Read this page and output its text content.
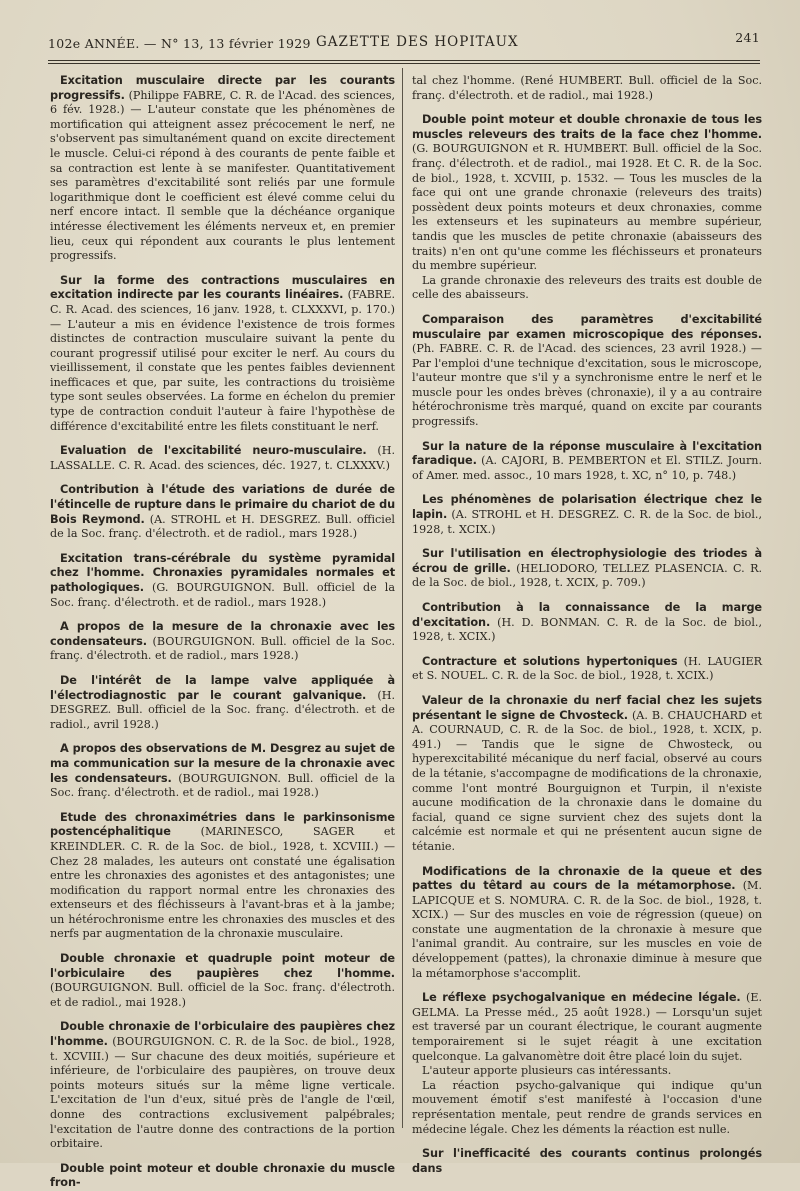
102e ANNÉE. — N° 13, 13 février 1929 GAZETTE DES HOPITAUX	241

Excitation musculaire directe par les courants progressifs. (Philippe FABRE, C. R. de l'Acad. des sciences, 6 fév. 1928.) — L'auteur constate que les phénomènes de mortification qui atteignent assez précocement le nerf, ne s'observent pas simultanément quand on excite directement le muscle. Celui-ci répond à des courants de pente faible et sa contraction est lente à se manifester. Quantitativement ses paramètres d'excitabilité sont reliés par une formule logarithmique dont le coefficient est élevé comme celui du nerf encore intact. Il semble que la déchéance organique intéresse électivement les éléments nerveux et, en premier lieu, ceux qui répondent aux courants le plus lentement progressifs.

Sur la forme des contractions musculaires en excitation indirecte par les courants linéaires. (FABRE. C. R. Acad. des sciences, 16 janv. 1928, t. CLXXXVI, p. 170.) — L'auteur a mis en évidence l'existence de trois formes distinctes de contraction musculaire suivant la pente du courant progressif utilisé pour exciter le nerf. Au cours du vieillissement, il constate que les pentes faibles deviennent inefficaces et que, par suite, les contractions du troisième type sont seules observées. La forme en échelon du premier type de contraction conduit l'auteur à faire l'hypothèse de différence d'excitabilité entre les filets constituant le nerf.

Evaluation de l'excitabilité neuro-musculaire. (H. LASSALLE. C. R. Acad. des sciences, déc. 1927, t. CLXXXV.)

Contribution à l'étude des variations de durée de l'étincelle de rupture dans le primaire du chariot de du Bois Reymond. (A. STROHL et H. DESGREZ. Bull. officiel de la Soc. franç. d'électroth. et de radiol., mars 1928.)

Excitation trans-cérébrale du système pyramidal chez l'homme. Chronaxies pyramidales normales et pathologiques. (G. BOURGUIGNON. Bull. officiel de la Soc. franç. d'électroth. et de radiol., mars 1928.)

A propos de la mesure de la chronaxie avec les condensateurs. (BOURGUIGNON. Bull. officiel de la Soc. franç. d'électroth. et de radiol., mars 1928.)

De l'intérêt de la lampe valve appliquée à l'électrodiagnostic par le courant galvanique. (H. DESGREZ. Bull. officiel de la Soc. franç. d'électroth. et de radiol., avril 1928.)

A propos des observations de M. Desgrez au sujet de ma communication sur la mesure de la chronaxie avec les condensateurs. (BOURGUIGNON. Bull. officiel de la Soc. franç. d'électroth. et de radiol., mai 1928.)

Etude des chronaximétries dans le parkinsonisme postencéphalitique	(MARINESCO, SAGER et KREINDLER. C. R. de la Soc. de biol., 1928, t. XCVIII.) — Chez 28 malades, les auteurs ont constaté une égalisation entre les chronaxies des agonistes et des antagonistes; une modification du rapport normal entre les chronaxies des extenseurs et des fléchisseurs à l'avant-bras et à la jambe; un hétérochronisme entre les chronaxies des muscles et des nerfs par augmentation de la chronaxie musculaire.

Double chronaxie et quadruple point moteur de l'orbiculaire des paupières chez l'homme. (BOURGUIGNON. Bull. officiel de la Soc. franç. d'électroth. et de radiol., mai 1928.)

Double chronaxie de l'orbiculaire des paupières chez l'homme. (BOURGUIGNON. C. R. de la Soc. de biol., 1928, t. XCVIII.) — Sur chacune des deux moitiés, supérieure et inférieure, de l'orbiculaire des paupières, on trouve deux points moteurs situés sur la même ligne verticale. L'excitation de l'un d'eux, situé près de l'angle de l'œil, donne des contractions exclusivement palpébrales; l'excitation de l'autre donne des contractions de la portion orbitaire.

Double point moteur et double chronaxie du muscle fron-

tal chez l'homme. (René HUMBERT. Bull. officiel de la Soc. franç. d'électroth. et de radiol., mai 1928.)

Double point moteur et double chronaxie de tous les muscles releveurs des traits de la face chez l'homme. (G. BOURGUIGNON et R. HUMBERT. Bull. officiel de la Soc. franç. d'électroth. et de radiol., mai 1928. Et C. R. de la Soc. de biol., 1928, t. XCVIII, p. 1532. — Tous les muscles de la face qui ont une grande chronaxie (releveurs des traits) possèdent deux points moteurs et deux chronaxies, comme les extenseurs et les supinateurs au membre supérieur, tandis que les muscles de petite chronaxie (abaisseurs des traits) n'en ont qu'une comme les fléchisseurs et pronateurs du membre supérieur.

La grande chronaxie des releveurs des traits est double de celle des abaisseurs.

Comparaison des paramètres d'excitabilité musculaire par examen microscopique des réponses. (Ph. FABRE. C. R. de l'Acad. des sciences, 23 avril 1928.) — Par l'emploi d'une technique d'excitation, sous le microscope, l'auteur montre que s'il y a synchronisme entre le nerf et le muscle pour les ondes brèves (chronaxie), il y a au contraire hétérochronisme très marqué, quand on excite par courants progressifs.

Sur la nature de la réponse musculaire à l'excitation faradique. (A. CAJORI, B. PEMBERTON et El. STILZ. Journ. of Amer. med. assoc., 10 mars 1928, t. XC, n° 10, p. 748.)

Les phénomènes de polarisation électrique chez le lapin. (A. STROHL et H. DESGREZ. C. R. de la Soc. de biol., 1928, t. XCIX.)

Sur l'utilisation en électrophysiologie des triodes à écrou de grille. (HELIODORO, TELLEZ PLASENCIA. C. R. de la Soc. de biol., 1928, t. XCIX, p. 709.)

Contribution à la connaissance de la marge d'excitation. (H. D. BONMAN. C. R. de la Soc. de biol., 1928, t. XCIX.)

Contracture et solutions hypertoniques (H. LAUGIER et S. NOUEL. C. R. de la Soc. de biol., 1928, t. XCIX.)

Valeur de la chronaxie du nerf facial chez les sujets présentant le signe de Chvosteck. (A. B. CHAUCHARD et A. COURNAUD, C. R. de la Soc. de biol., 1928, t. XCIX, p. 491.) — Tandis que le signe de Chwosteck, ou hyperexcitabilité mécanique du nerf facial, observé au cours de la tétanie, s'accompagne de modifications de la chronaxie, comme l'ont montré Bourguignon et Turpin, il n'existe aucune modification de la chronaxie dans le domaine du facial, quand ce signe survient chez des sujets dont la calcémie est normale et qui ne présentent aucun signe de tétanie.

Modifications de la chronaxie de la queue et des pattes du têtard au cours de la métamorphose. (M. LAPICQUE et S. NOMURA. C. R. de la Soc. de biol., 1928, t. XCIX.) — Sur des muscles en voie de régression (queue) on constate une augmentation de la chronaxie à mesure que l'animal grandit. Au contraire, sur les muscles en voie de développement (pattes), la chronaxie diminue à mesure que la métamorphose s'accomplit.

Le réflexe psychogalvanique en médecine légale. (E. GELMA. La Presse méd., 25 août 1928.) — Lorsqu'un sujet est traversé par un courant électrique, le courant augmente temporairement si le sujet réagit à une excitation quelconque. La galvanomètre doit être placé loin du sujet.

L'auteur apporte plusieurs cas intéressants.

La réaction psycho-galvanique qui indique qu'un mouvement émotif s'est manifesté à l'occasion d'une représentation mentale, peut rendre de grands services en médecine légale. Chez les déments la réaction est nulle.

Sur l'inefficacité des courants continus prolongés dans
